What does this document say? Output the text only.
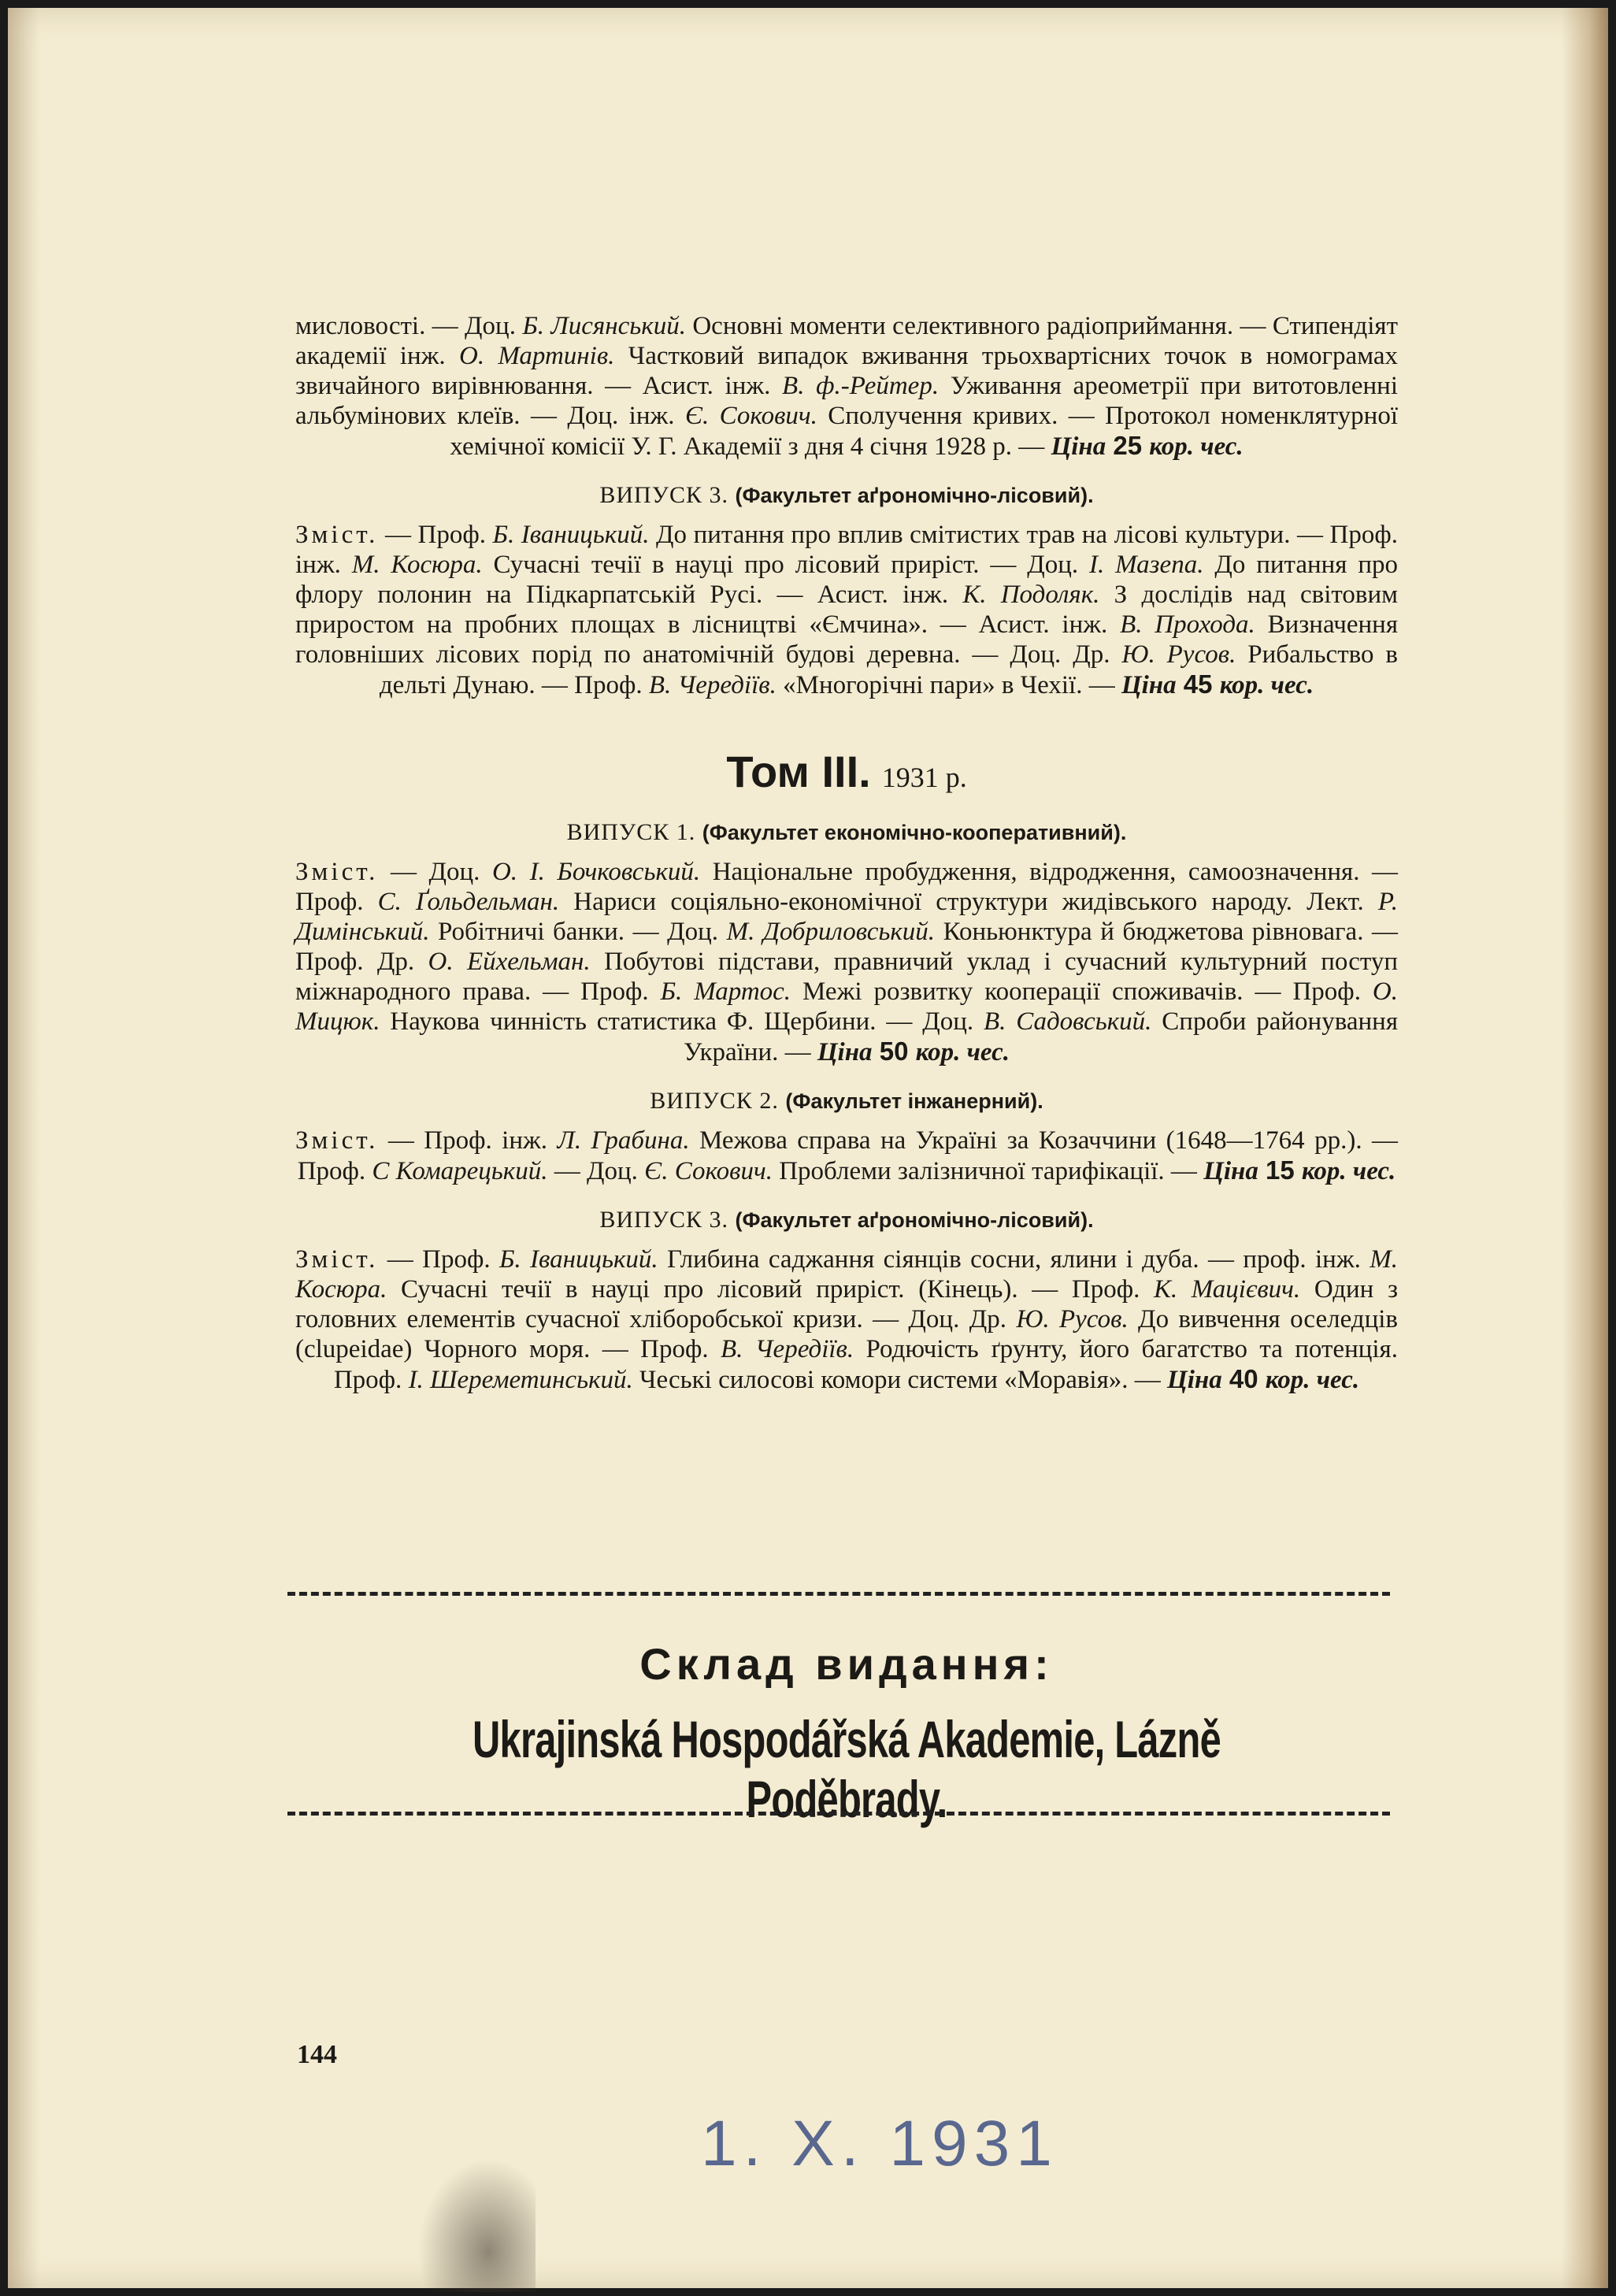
мисловості. — Доц. Б. Лисянський. Основні моменти селективного радіоприймання. — Стипендіят академії інж. О. Мартинів. Частковий випадок вживання трьохвартісних точок в номограмах звичайного вирівнювання. — Асист. інж. В. ф.-Рейтер. Уживання ареометрії при витотовленні альбумінових клеїв. — Доц. інж. Є. Сокович. Сполучення кривих. — Протокол номенклятурної хемічної комісії У. Г. Академії з дня 4 січня 1928 р. — Ціна 25 кор. чес.

ВИПУСК 3. (Факультет аґрономічно-лісовий).

Зміст. — Проф. Б. Іваницький. До питання про вплив смітистих трав на лісові культури. — Проф. інж. М. Косюра. Сучасні течії в науці про лісовий приріст. — Доц. І. Мазепа. До питання про флору полонин на Підкарпатській Русі. — Асист. інж. К. Подоляк. З дослідів над світовим приростом на пробних площах в лісництві «Ємчина». — Асист. інж. В. Прохода. Визначення головніших лісових порід по анатомічній будові деревна. — Доц. Др. Ю. Русов. Рибальство в дельті Дунаю. — Проф. В. Чередіїв. «Многорічні пари» в Чехії. — Ціна 45 кор. чес.

Том III. 1931 р.
ВИПУСК 1. (Факультет економічно-кооперативний).

Зміст. — Доц. О. І. Бочковський. Національне пробудження, відродження, самоозначення. — Проф. С. Ґольдельман. Нариси соціяльно-економічної структури жидівського народу. Лект. Р. Димінський. Робітничі банки. — Доц. М. Добриловський. Коньюнктура й бюджетова рівновага. — Проф. Др. О. Ейхельман. Побутові підстави, правничий уклад і сучасний культурний поступ міжнародного права. — Проф. Б. Мартос. Межі розвитку кооперації споживачів. — Проф. О. Мицюк. Наукова чинність статистика Ф. Щербини. — Доц. В. Садовський. Спроби районування України. — Ціна 50 кор. чес.

ВИПУСК 2. (Факультет інжанерний).

Зміст. — Проф. інж. Л. Грабина. Межова справа на Україні за Козаччини (1648—1764 рр.). — Проф. С Комарецький. — Доц. Є. Сокович. Проблеми залізничної тарифікації. — Ціна 15 кор. чес.

ВИПУСК 3. (Факультет аґрономічно-лісовий).

Зміст. — Проф. Б. Іваницький. Глибина саджання сіянців сосни, ялини і дуба. — проф. інж. М. Косюра. Сучасні течії в науці про лісовий приріст. (Кінець). — Проф. К. Мацієвич. Один з головних елементів сучасної хліборобської кризи. — Доц. Др. Ю. Русов. До вивчення оселедців (clupeidae) Чорного моря. — Проф. В. Чередіїв. Родючість ґрунту, його багатство та потенція. Проф. І. Шереметинський. Чеські силосові комори системи «Моравія». — Ціна 40 кор. чес.

Склад видання:
Ukrajinská Hospodářská Akademie, Lázně Poděbrady.
144
1. X. 1931
